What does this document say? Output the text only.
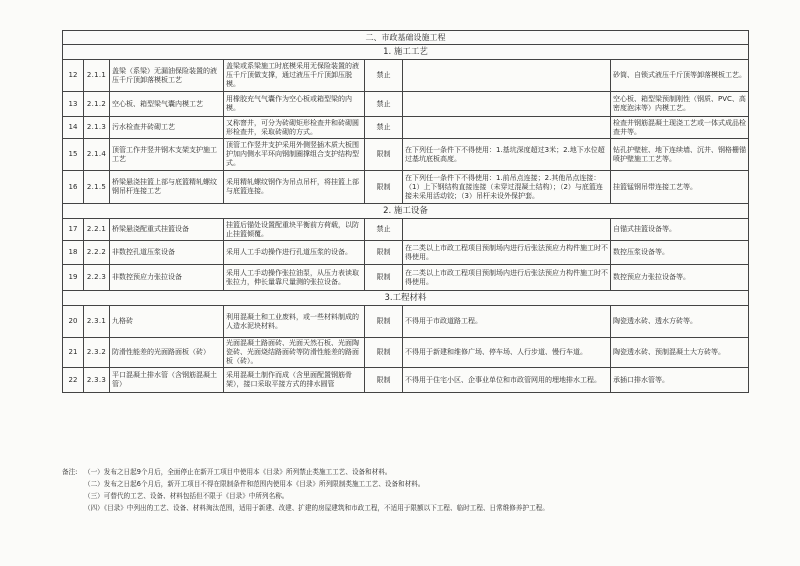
二、市政基础设施工程						
1. 施工工艺						
12	2.1.1	盖梁（系梁）无漏油保险装置的液压千斤顶卸落模板工艺	盖梁或系梁施工时底模采用无保险装置的液压千斤顶做支撑，通过液压千斤顶卸压脱模。	禁止		砂筒、自锁式液压千斤顶等卸落模板工艺。
13	2.1.2	空心板、箱型梁气囊内模工艺	用橡胶充气气囊作为空心板或箱型梁的内模。	禁止		空心板、箱型梁预制刚性（钢质、PVC、高密度泡沫等）内模工艺。
14	2.1.3	污水检查井砖砌工艺	又称窨井，可分为砖砌矩形检查井和砖砌圆形检查井，采取砖砌的方式。	禁止		检查井钢筋混凝土现浇工艺或一体式成品检查井等。
15	2.1.4	顶管工作井竖井钢木支架支护施工工艺	顶管工作竖井支护采用外侧竖插木质大板围护加内侧水平环向钢制圈撑组合支护结构型式。	限制	在下列任一条件下不得使用：1.基坑深度超过3米；2.地下水位超过基坑底板高度。	钻孔护壁桩、地下连续墙、沉井、钢格栅锚喷护壁施工工艺等。
16	2.1.5	桥梁悬浇挂篮上部与底篮精轧螺纹钢吊杆连接工艺	采用精轧螺纹钢作为吊点吊杆，将挂篮上部与底篮连接。	限制	在下列任一条件下不得使用：1.前吊点连接；2.其他吊点连接：（1）上下钢结构直接连接（未穿过混凝土结构）；（2）与底篮连接未采用活动铰；（3）吊杆未设外保护套。	挂篮锰钢吊带连接工艺等。
2. 施工设备						
17	2.2.1	桥梁悬浇配重式挂篮设备	挂篮后锚处设置配重块平衡前方荷载，以防止挂篮倾覆。	禁止		自锚式挂篮设备等。
18	2.2.2	非数控孔道压浆设备	采用人工手动操作进行孔道压浆的设备。	限制	在二类以上市政工程项目预制场内进行后张法预应力构件施工时不得使用。	数控压浆设备等。
19	2.2.3	非数控预应力张拉设备	采用人工手动操作张拉油泵，从压力表读取张拉力，伸长量靠尺量测的张拉设备。	限制	在二类以上市政工程项目预制场内进行后张法预应力构件施工时不得使用。	数控预应力张拉设备等。
3.工程材料						
20	2.3.1	九格砖	利用混凝土和工业废料，或一些材料制成的人造水泥块材料。	限制	不得用于市政道路工程。	陶瓷透水砖、透水方砖等。
21	2.3.2	防滑性能差的光面路面板（砖）	光面混凝土路面砖、光面天然石板、光面陶瓷砖、光面烧结路面砖等防滑性能差的路面板（砖）。	限制	不得用于新建和维修广场、停车场、人行步道、慢行车道。	陶瓷透水砖、预制混凝土大方砖等。
22	2.3.3	平口混凝土排水管（含钢筋混凝土管）	采用混凝土制作而成（含里面配置钢筋骨架），接口采取平接方式的排水圆管	限制	不得用于住宅小区、企事业单位和市政管网用的埋地排水工程。	承插口排水管等。
备注: （一）发布之日起9个月后，全面停止在新开工项目中使用本《目录》所列禁止类施工工艺、设备和材料。
（二）发布之日起6个月后，新开工项目不得在限制条件和范围内使用本《目录》所列限制类施工工艺、设备和材料。
（三）可替代的工艺、设备、材料包括但不限于《目录》中所列名称。
（四）《目录》中列出的工艺、设备、材料淘汰范围，适用于新建、改建、扩建的房屋建筑和市政工程，不适用于限额以下工程、临时工程、日常维修养护工程。
